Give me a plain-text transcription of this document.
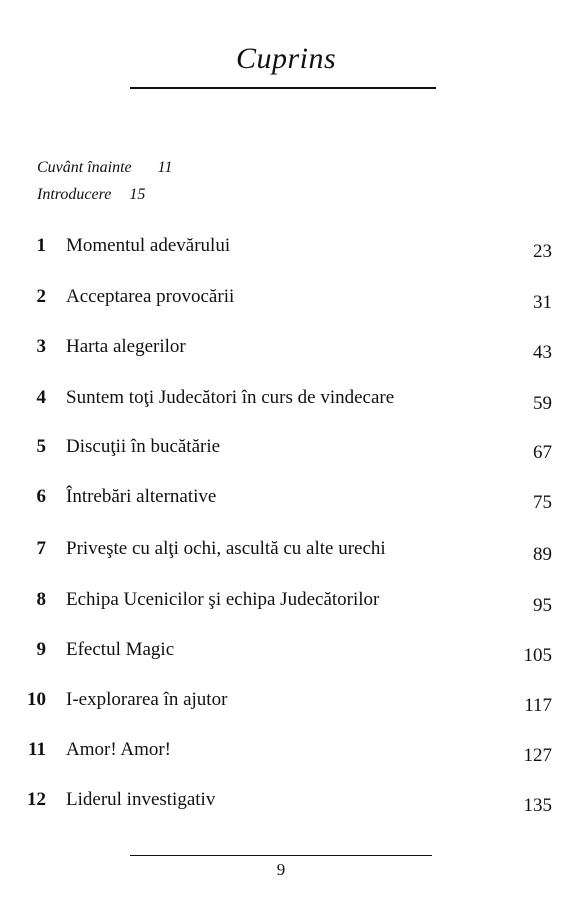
Cuprins
Cuvânt înainte 11
Introducere 15
1 Momentul adevărului	23
2 Acceptarea provocării	31
3 Harta alegerilor	43
4 Suntem toţi Judecători în curs de vindecare	59
5 Discuţii în bucătărie	67
6 Întrebări alternative	75
7 Priveşte cu alţi ochi, ascultă cu alte urechi	89
8 Echipa Ucenicilor şi echipa Judecătorilor	95
9 Efectul Magic	105
10 I-explorarea în ajutor	117
11 Amor! Amor!	127
12 Liderul investigativ	135
9
